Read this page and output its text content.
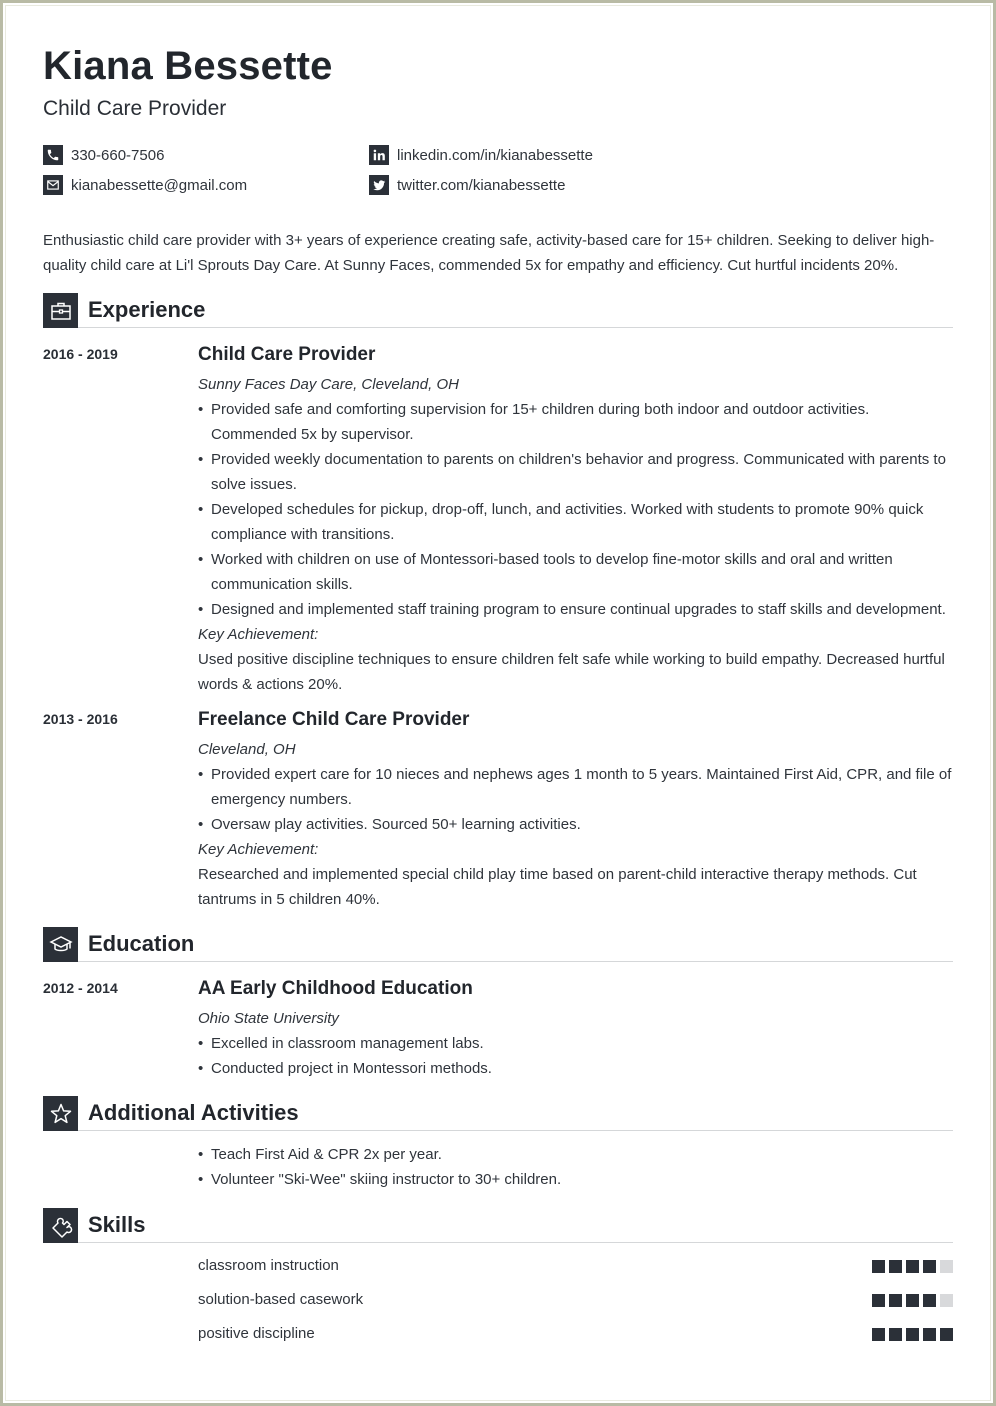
Kiana Bessette
Child Care Provider
330-660-7506
kianabessette@gmail.com
linkedin.com/in/kianabessette
twitter.com/kianabessette
Enthusiastic child care provider with 3+ years of experience creating safe, activity-based care for 15+ children. Seeking to deliver high-quality child care at Li'l Sprouts Day Care. At Sunny Faces, commended 5x for empathy and efficiency. Cut hurtful incidents 20%.
Experience
2016 - 2019	Child Care Provider
Sunny Faces Day Care, Cleveland, OH
• Provided safe and comforting supervision for 15+ children during both indoor and outdoor activities. Commended 5x by supervisor.
• Provided weekly documentation to parents on children's behavior and progress. Communicated with parents to solve issues.
• Developed schedules for pickup, drop-off, lunch, and activities. Worked with students to promote 90% quick compliance with transitions.
• Worked with children on use of Montessori-based tools to develop fine-motor skills and oral and written communication skills.
• Designed and implemented staff training program to ensure continual upgrades to staff skills and development.
Key Achievement:
Used positive discipline techniques to ensure children felt safe while working to build empathy. Decreased hurtful words & actions 20%.
2013 - 2016	Freelance Child Care Provider
Cleveland, OH
• Provided expert care for 10 nieces and nephews ages 1 month to 5 years. Maintained First Aid, CPR, and file of emergency numbers.
• Oversaw play activities. Sourced 50+ learning activities.
Key Achievement:
Researched and implemented special child play time based on parent-child interactive therapy methods. Cut tantrums in 5 children 40%.
Education
2012 - 2014	AA Early Childhood Education
Ohio State University
• Excelled in classroom management labs.
• Conducted project in Montessori methods.
Additional Activities
• Teach First Aid & CPR 2x per year.
• Volunteer "Ski-Wee" skiing instructor to 30+ children.
Skills
classroom instruction
solution-based casework
positive discipline
